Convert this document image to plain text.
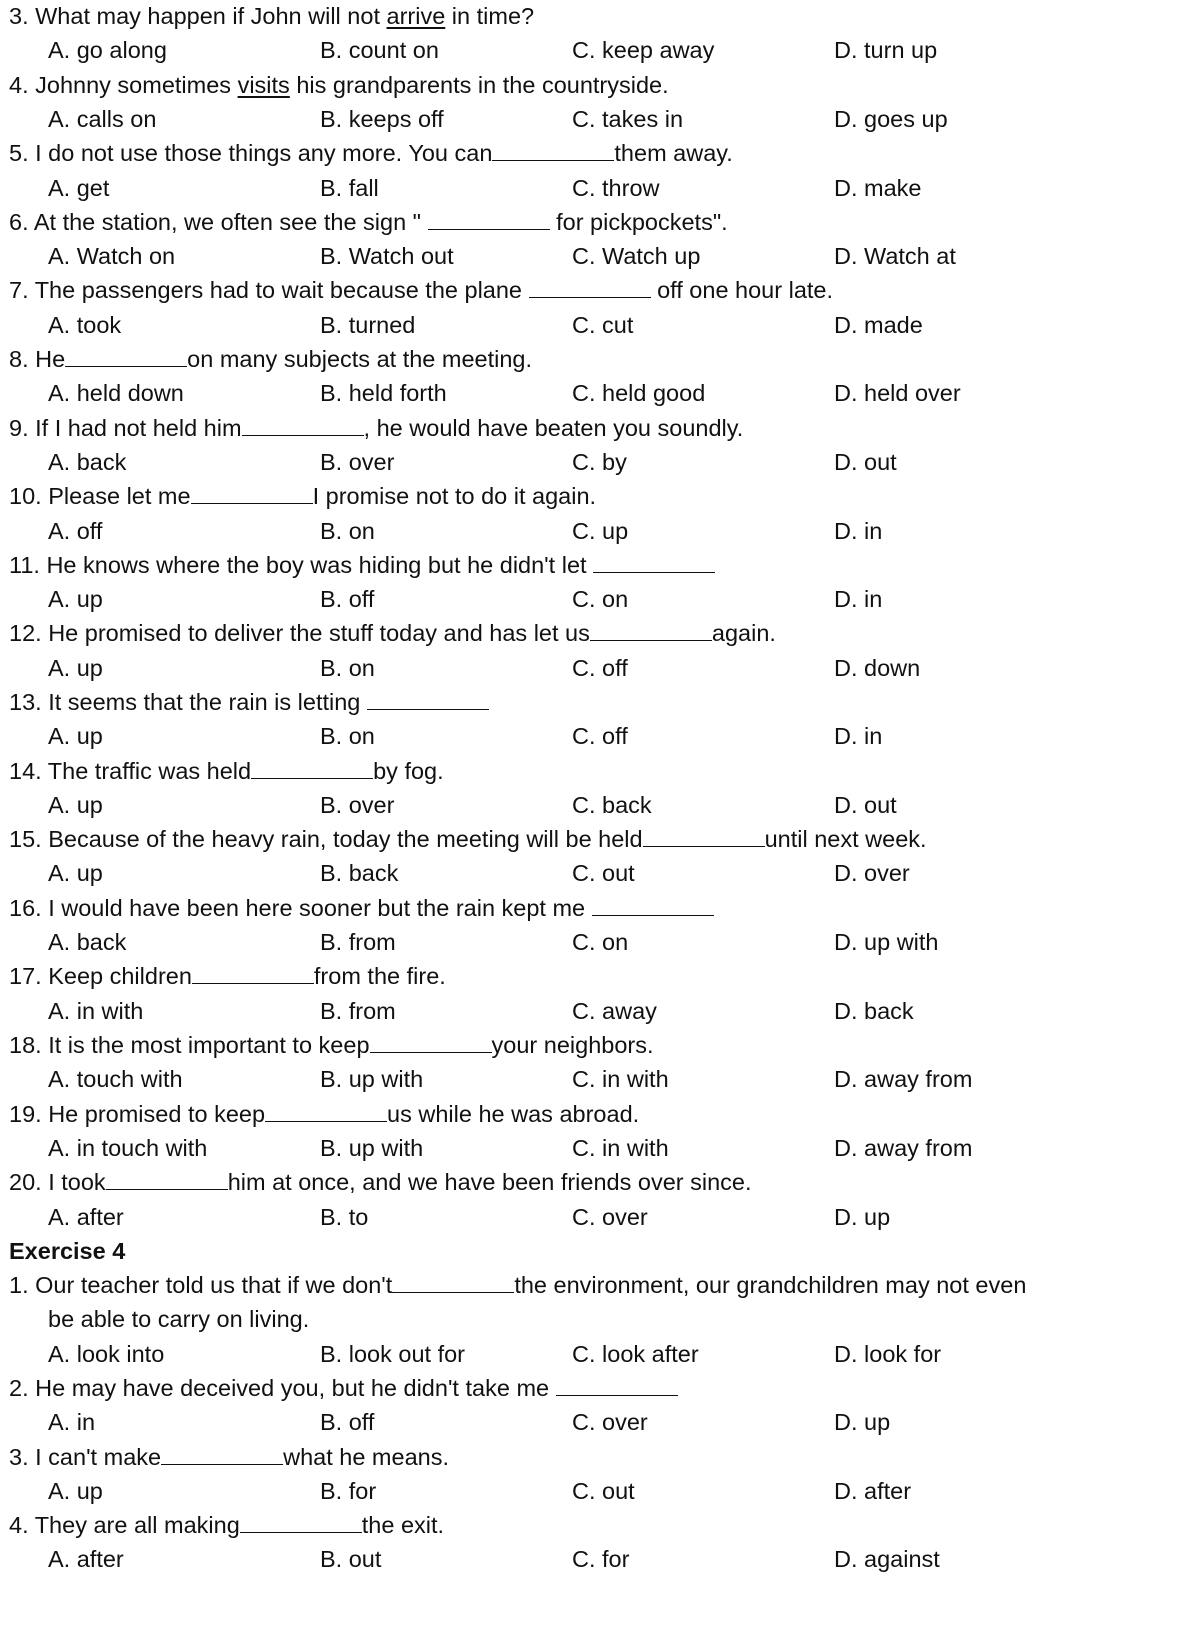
3. What may happen if John will not arrive in time?
A. go along	B. count on	C. keep away	D. turn up
4. Johnny sometimes visits his grandparents in the countryside.
A. calls on	B. keeps off	C. takes in	D. goes up
5. I do not use those things any more. You can	them away.
A. get	B. fall	C. throw	D. make
6. At the station, we often see the sign "	for pickpockets".
A. Watch on	B. Watch out	C. Watch up	D. Watch at
7. The passengers had to wait because the plane	off one hour late.
A. took	B. turned	C. cut	D. made
8. He	on many subjects at the meeting.
A. held down	B. held forth	C. held good	D. held over
9. If I had not held him	, he would have beaten you soundly.
A. back	B. over	C. by	D. out
10. Please let me	I promise not to do it again.
A. off	B. on	C. up	D. in
11. He knows where the boy was hiding but he didn't let
A. up	B. off	C. on	D. in
12. He promised to deliver the stuff today and has let us	again.
A. up	B. on	C. off	D. down
13. It seems that the rain is letting
A. up	B. on	C. off	D. in
14. The traffic was held	by fog.
A. up	B. over	C. back	D. out
15. Because of the heavy rain, today the meeting will be held	until next week.
A. up	B. back	C. out	D. over
16. I would have been here sooner but the rain kept me
A. back	B. from	C. on	D. up with
17. Keep children	from the fire.
A. in with	B. from	C. away	D. back
18. It is the most important to keep	your neighbors.
A. touch with	B. up with	C. in with	D. away from
19. He promised to keep	us while he was abroad.
A. in touch with	B. up with	C. in with	D. away from
20. I took	him at once, and we have been friends over since.
A. after	B. to	C. over	D. up
Exercise 4
1. Our teacher told us that if we don't	the environment, our grandchildren may not even
be able to carry on living.
A. look into	B. look out for	C. look after	D. look for
2. He may have deceived you, but he didn't take me
A. in	B. off	C. over	D. up
3. I can't make	what he means.
A. up	B. for	C. out	D. after
4. They are all making	the exit.
A. after	B. out	C. for	D. against
